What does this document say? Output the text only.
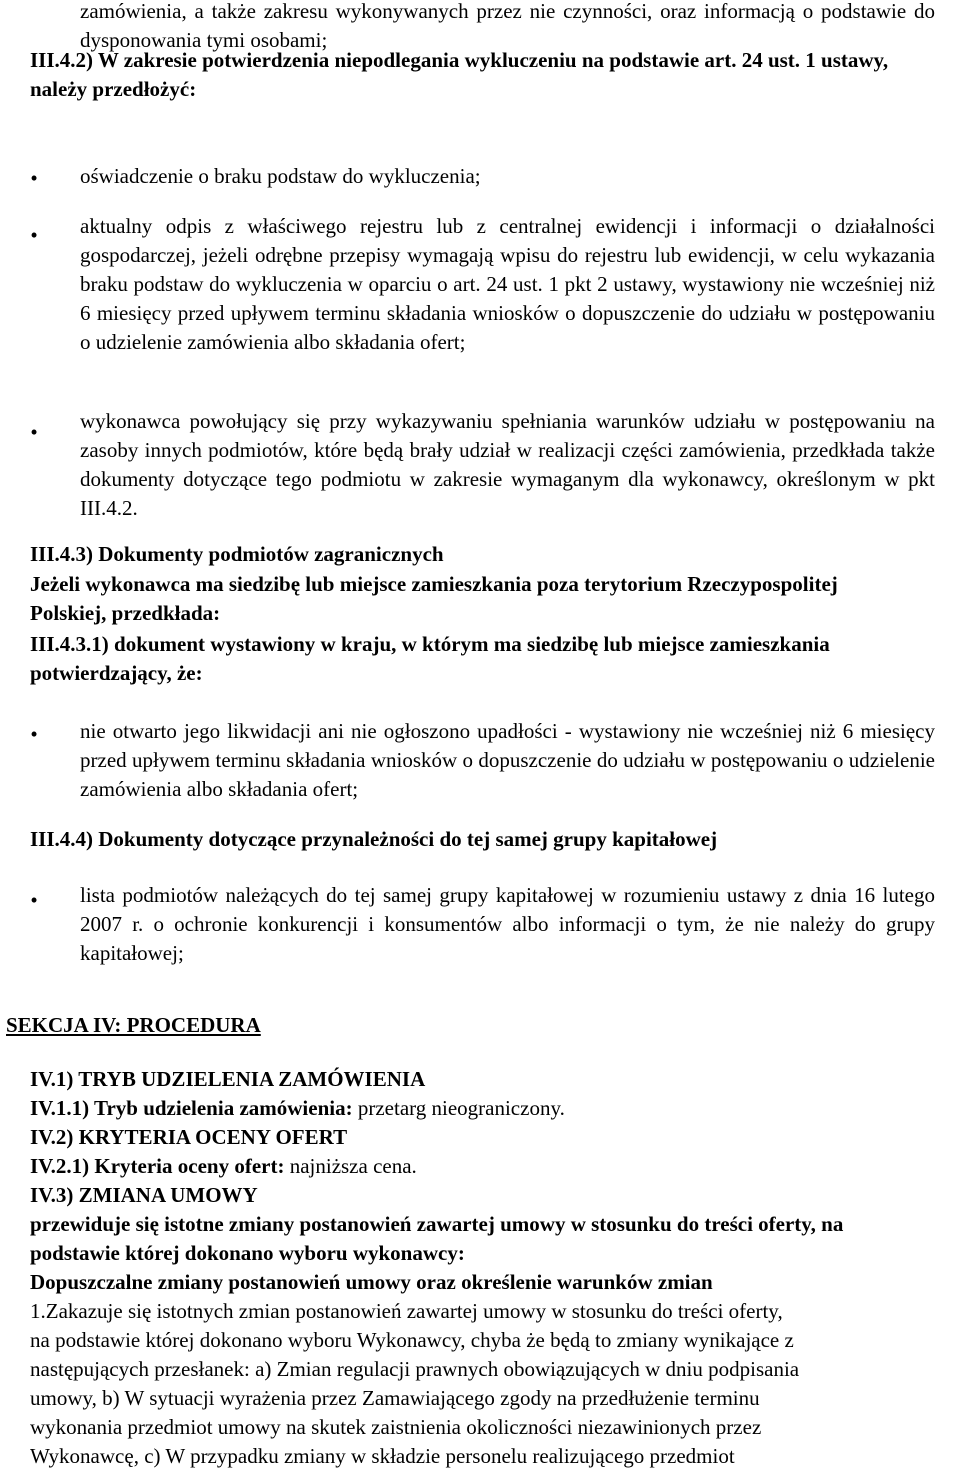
zamówienia, a także zakresu wykonywanych przez nie czynności, oraz informacją o podstawie do dysponowania tymi osobami;

III.4.2) W zakresie potwierdzenia niepodlegania wykluczeniu na podstawie art. 24 ust. 1 ustawy, należy przedłożyć:

• oświadczenie o braku podstaw do wykluczenia;

• aktualny odpis z właściwego rejestru lub z centralnej ewidencji i informacji o działalności gospodarczej, jeżeli odrębne przepisy wymagają wpisu do rejestru lub ewidencji, w celu wykazania braku podstaw do wykluczenia w oparciu o art. 24 ust. 1 pkt 2 ustawy, wystawiony nie wcześniej niż 6 miesięcy przed upływem terminu składania wniosków o dopuszczenie do udziału w postępowaniu o udzielenie zamówienia albo składania ofert;

• wykonawca powołujący się przy wykazywaniu spełniania warunków udziału w postępowaniu na zasoby innych podmiotów, które będą brały udział w realizacji części zamówienia, przedkłada także dokumenty dotyczące tego podmiotu w zakresie wymaganym dla wykonawcy, określonym w pkt III.4.2.

III.4.3) Dokumenty podmiotów zagranicznych

Jeżeli wykonawca ma siedzibę lub miejsce zamieszkania poza terytorium Rzeczypospolitej Polskiej, przedkłada:

III.4.3.1) dokument wystawiony w kraju, w którym ma siedzibę lub miejsce zamieszkania potwierdzający, że:

• nie otwarto jego likwidacji ani nie ogłoszono upadłości - wystawiony nie wcześniej niż 6 miesięcy przed upływem terminu składania wniosków o dopuszczenie do udziału w postępowaniu o udzielenie zamówienia albo składania ofert;

III.4.4) Dokumenty dotyczące przynależności do tej samej grupy kapitałowej

• lista podmiotów należących do tej samej grupy kapitałowej w rozumieniu ustawy z dnia 16 lutego 2007 r. o ochronie konkurencji i konsumentów albo informacji o tym, że nie należy do grupy kapitałowej;

SEKCJA IV: PROCEDURA

IV.1) TRYB UDZIELENIA ZAMÓWIENIA

IV.1.1) Tryb udzielenia zamówienia: przetarg nieograniczony.

IV.2) KRYTERIA OCENY OFERT

IV.2.1) Kryteria oceny ofert: najniższa cena.

IV.3) ZMIANA UMOWY

przewiduje się istotne zmiany postanowień zawartej umowy w stosunku do treści oferty, na podstawie której dokonano wyboru wykonawcy:

Dopuszczalne zmiany postanowień umowy oraz określenie warunków zmian

1.Zakazuje się istotnych zmian postanowień zawartej umowy w stosunku do treści oferty,

na podstawie której dokonano wyboru Wykonawcy, chyba że będą to zmiany wynikające z

następujących przesłanek: a) Zmian regulacji prawnych obowiązujących w dniu podpisania

umowy, b) W sytuacji wyrażenia przez Zamawiającego zgody na przedłużenie terminu

wykonania przedmiot umowy na skutek zaistnienia okoliczności niezawinionych przez

Wykonawcę, c) W przypadku zmiany w składzie personelu realizującego przedmiot
